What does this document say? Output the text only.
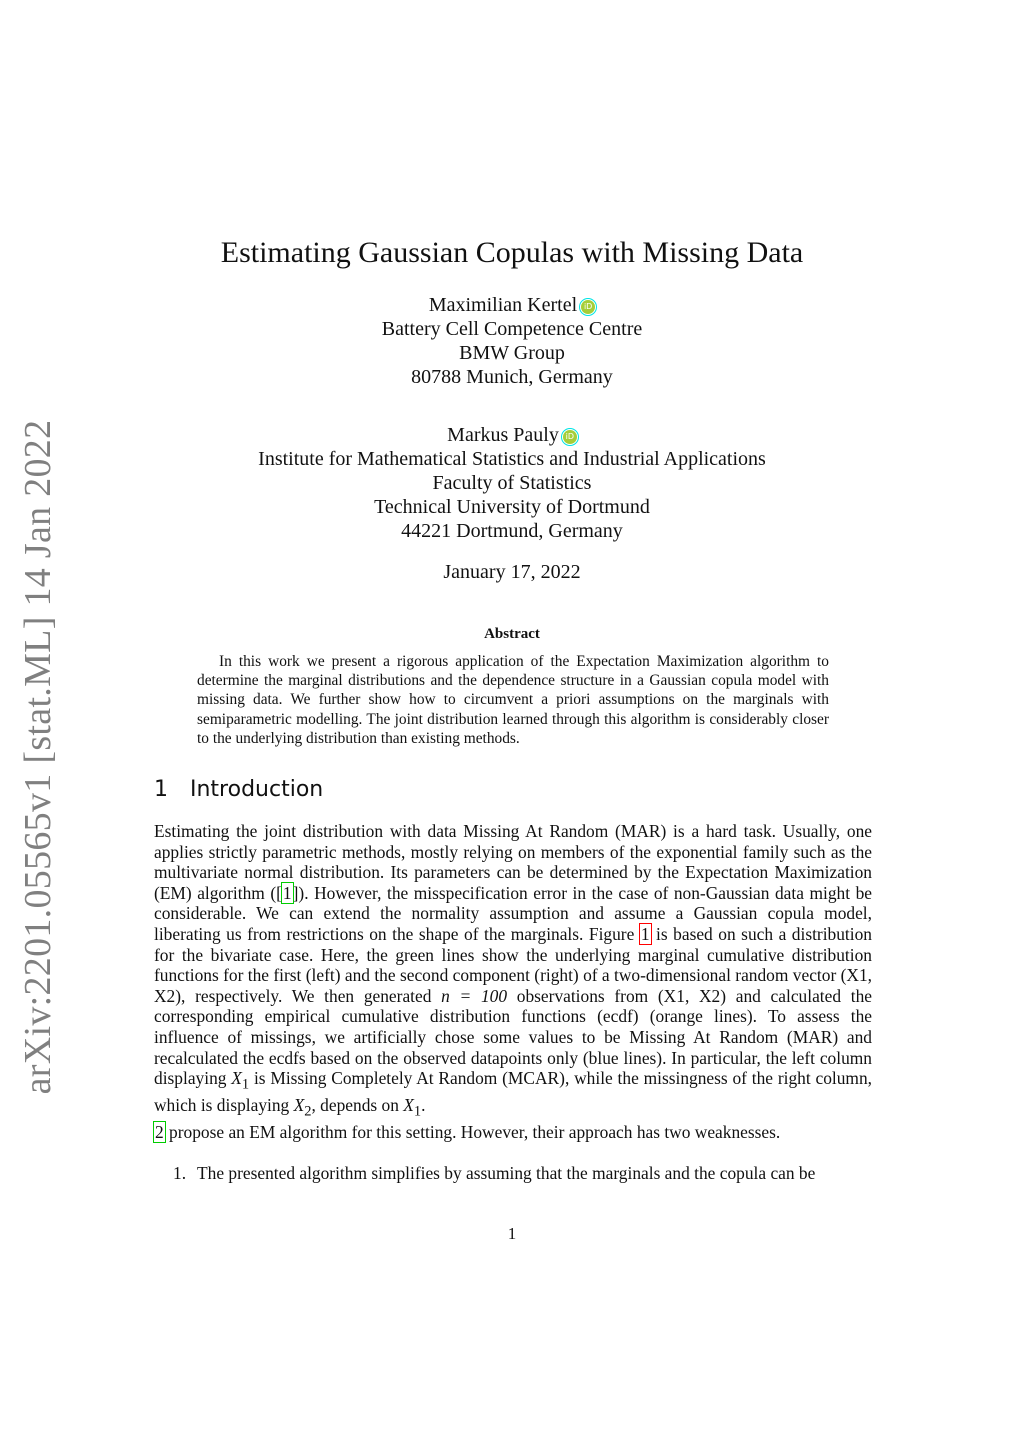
arXiv:2201.05565v1 [stat.ML] 14 Jan 2022
Estimating Gaussian Copulas with Missing Data
Maximilian Kertel iD
Battery Cell Competence Centre
BMW Group
80788 Munich, Germany
Markus Pauly iD
Institute for Mathematical Statistics and Industrial Applications
Faculty of Statistics
Technical University of Dortmund
44221 Dortmund, Germany
January 17, 2022
Abstract
In this work we present a rigorous application of the Expectation Maximization algorithm to determine the marginal distributions and the dependence structure in a Gaussian copula model with missing data. We further show how to circumvent a priori assumptions on the marginals with semiparametric modelling. The joint distribution learned through this algorithm is considerably closer to the underlying distribution than existing methods.
1 Introduction

Estimating the joint distribution with data Missing At Random (MAR) is a hard task. Usually, one applies strictly parametric methods, mostly relying on members of the exponential family such as the multivariate normal distribution. Its parameters can be determined by the Expectation Maximization (EM) algorithm ([1]). However, the misspecification error in the case of non-Gaussian data might be considerable. We can extend the normality assumption and assume a Gaussian copula model, liberating us from restrictions on the shape of the marginals. Figure 1 is based on such a distribution for the bivariate case. Here, the green lines show the underlying marginal cumulative distribution functions for the first (left) and the second component (right) of a two-dimensional random vector (X1, X2), respectively. We then generated n = 100 observations from (X1, X2) and calculated the corresponding empirical cumulative distribution functions (ecdf) (orange lines). To assess the influence of missings, we artificially chose some values to be Missing At Random (MAR) and recalculated the ecdfs based on the observed datapoints only (blue lines). In particular, the left column displaying $X_1$ is Missing Completely At Random (MCAR), while the missingness of the right column, which is displaying $X_2$, depends on $X_1$.

2 propose an EM algorithm for this setting. However, their approach has two weaknesses.

1. The presented algorithm simplifies by assuming that the marginals and the copula can be
1
